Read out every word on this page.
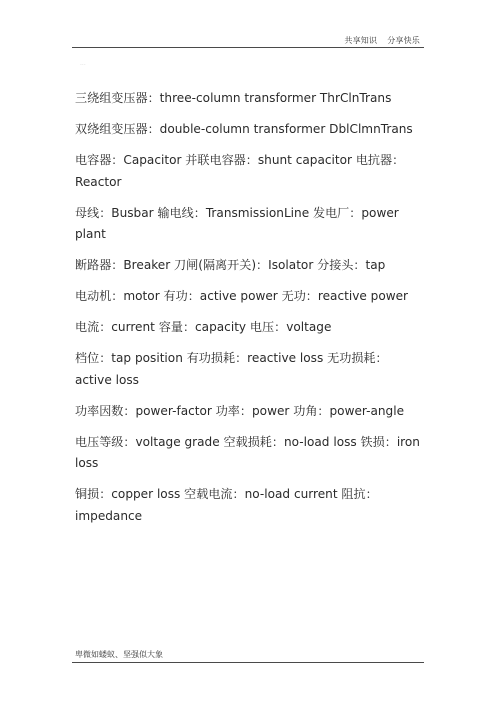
共享知识 分享快乐
...

三绕组变压器：three-column transformer ThrClnTrans

双绕组变压器：double-column transformer DblClmnTrans

电容器：Capacitor 并联电容器：shunt capacitor 电抗器：Reactor

母线：Busbar 输电线：TransmissionLine 发电厂：power plant

断路器：Breaker 刀闸(隔离开关)：Isolator 分接头：tap

电动机：motor 有功：active power 无功：reactive power

电流：current 容量：capacity 电压：voltage

档位：tap position 有功损耗：reactive loss 无功损耗：active loss

功率因数：power-factor 功率：power 功角：power-angle

电压等级：voltage grade 空载损耗：no-load loss 铁损：iron loss

铜损：copper loss 空载电流：no-load current 阻抗：impedance

卑微如蝼蚁、坚强似大象
